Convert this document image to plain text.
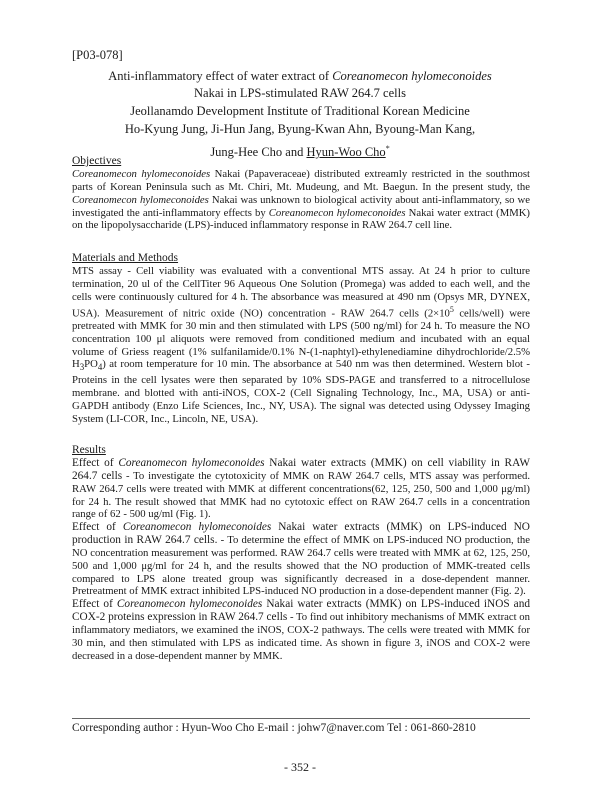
[P03-078]
Anti-inflammatory effect of water extract of Coreanomecon hylomeconoides
Nakai in LPS-stimulated RAW 264.7 cells
Jeollanamdo Development Institute of Traditional Korean Medicine
Ho-Kyung Jung, Ji-Hun Jang, Byung-Kwan Ahn, Byoung-Man Kang,
Jung-Hee Cho and Hyun-Woo Cho*
Objectives
Coreanomecon hylomeconoides Nakai (Papaveraceae) distributed extreamly restricted in the southmost parts of Korean Peninsula such as Mt. Chiri, Mt. Mudeung, and Mt. Baegun. In the present study, the Coreanomecon hylomeconoides Nakai was unknown to biological activity about anti-inflammatory, so we investigated the anti-inflammatory effects by Coreanomecon hylomeconoides Nakai water extract (MMK) on the lipopolysaccharide (LPS)-induced inflammatory response in RAW 264.7 cell line.
Materials and Methods
MTS assay - Cell viability was evaluated with a conventional MTS assay. At 24 h prior to culture termination, 20 ul of the CellTiter 96 Aqueous One Solution (Promega) was added to each well, and the cells were continuously cultured for 4 h. The absorbance was measured at 490 nm (Opsys MR, DYNEX, USA). Measurement of nitric oxide (NO) concentration - RAW 264.7 cells ($2\times 10^5$ cells/well) were pretreated with MMK for 30 min and then stimulated with LPS (500 ng/ml) for 24 h. To measure the NO concentration 100 μl aliquots were removed from conditioned medium and incubated with an equal volume of Griess reagent (1% sulfanilamide/0.1% N-(1-naphtyl)-ethylenediamine dihydrochloride/2.5% $H_3PO_4$) at room temperature for 10 min. The absorbance at 540 nm was then determined. Western blot - Proteins in the cell lysates were then separated by 10% SDS-PAGE and transferred to a nitrocellulose membrane. and blotted with anti-iNOS, COX-2 (Cell Signaling Technology, Inc., MA, USA) or anti-GAPDH antibody (Enzo Life Sciences, Inc., NY, USA). The signal was detected using Odyssey Imaging System (LI-COR, Inc., Lincoln, NE, USA).
Results
Effect of Coreanomecon hylomeconoides Nakai water extracts (MMK) on cell viability in RAW 264.7 cells - To investigate the cytotoxicity of MMK on RAW 264.7 cells, MTS assay was performed. RAW 264.7 cells were treated with MMK at different concentrations(62, 125, 250, 500 and 1,000 μg/ml) for 24 h. The result showed that MMK had no cytotoxic effect on RAW 264.7 cells in a concentration range of 62 - 500 ug/ml (Fig. 1).
Effect of Coreanomecon hylomeconoides Nakai water extracts (MMK) on LPS-induced NO production in RAW 264.7 cells. - To determine the effect of MMK on LPS-induced NO production, the NO concentration measurement was performed. RAW 264.7 cells were treated with MMK at 62, 125, 250, 500 and 1,000 μg/ml for 24 h, and the results showed that the NO production of MMK-treated cells compared to LPS alone treated group was significantly decreased in a dose-dependent manner. Pretreatment of MMK extract inhibited LPS-induced NO production in a dose-dependent manner (Fig. 2).
Effect of Coreanomecon hylomeconoides Nakai water extracts (MMK) on LPS-induced iNOS and COX-2 proteins expression in RAW 264.7 cells - To find out inhibitory mechanisms of MMK extract on inflammatory mediators, we examined the iNOS, COX-2 pathways. The cells were treated with MMK for 30 min, and then stimulated with LPS as indicated time. As shown in figure 3, iNOS and COX-2 were decreased in a dose-dependent manner by MMK.
Corresponding author : Hyun-Woo Cho E-mail : johw7@naver.com Tel : 061-860-2810
- 352 -
